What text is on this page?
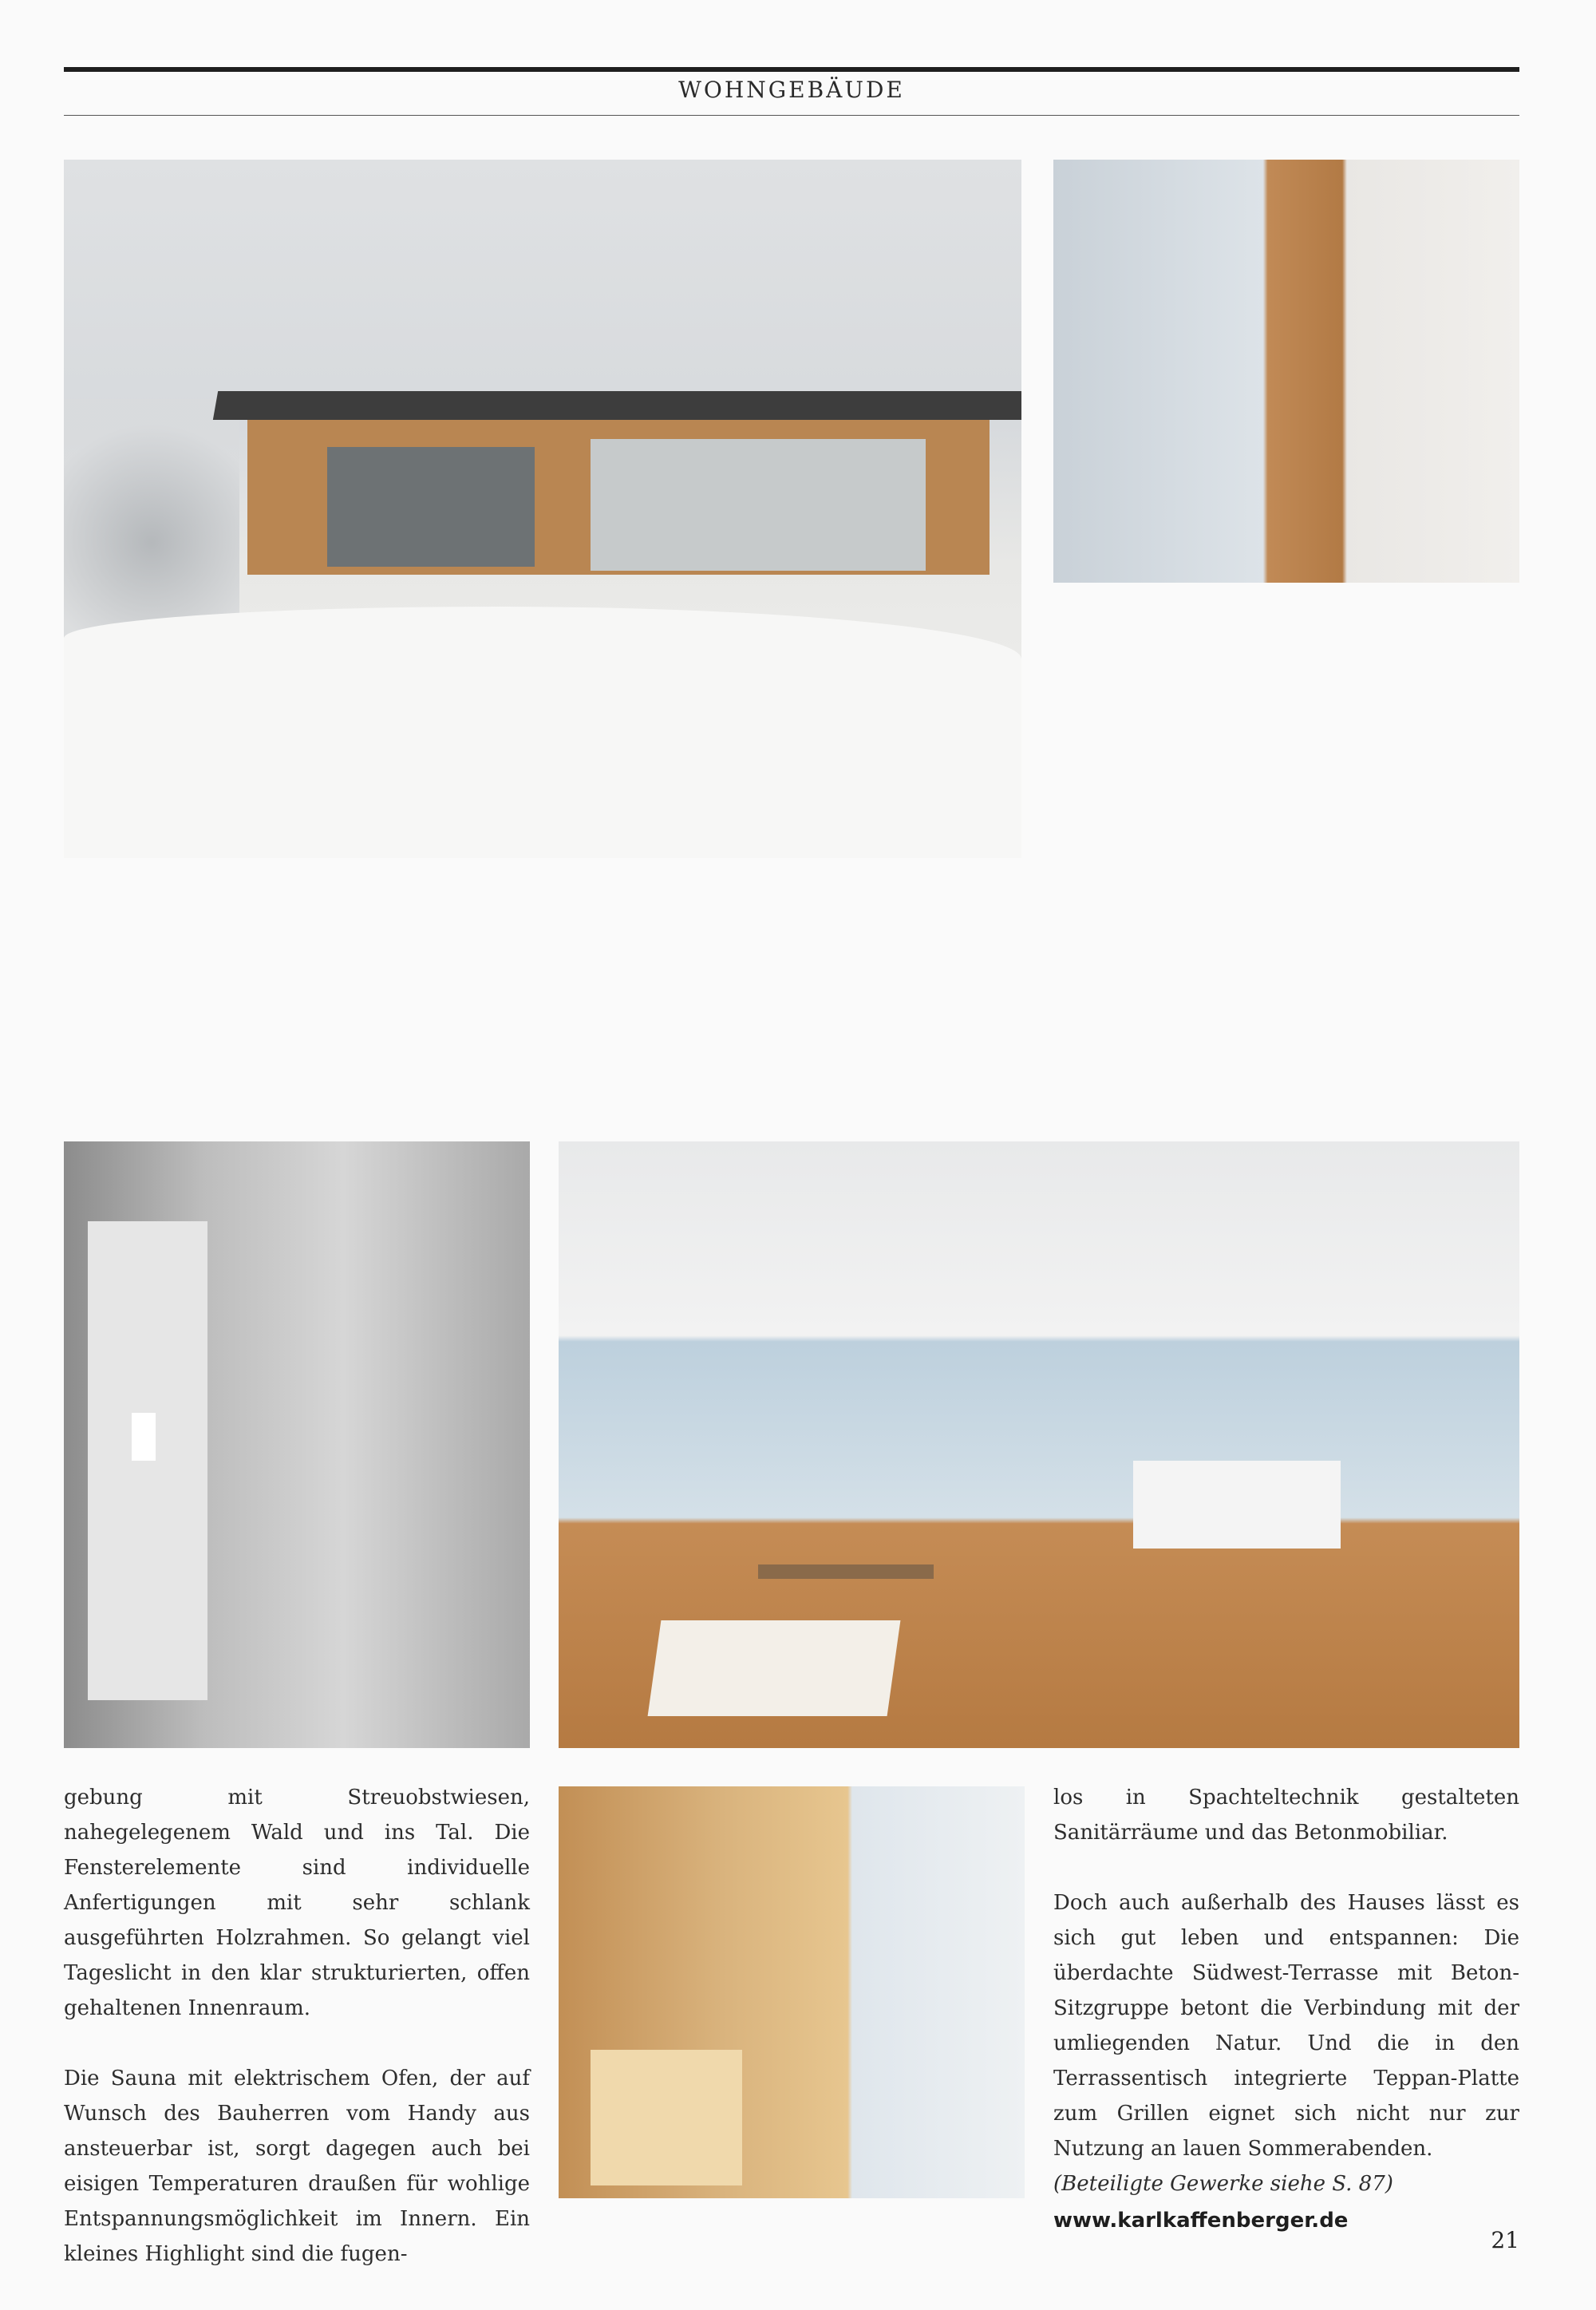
WOHNGEBÄUDE

gebung mit Streuobstwiesen, nahegelegenem Wald und ins Tal. Die Fensterelemente sind individuelle Anfertigungen mit sehr schlank ausgeführten Holzrahmen. So gelangt viel Tageslicht in den klar strukturierten, offen gehaltenen Innenraum.

Die Sauna mit elektrischem Ofen, der auf Wunsch des Bauherren vom Handy aus ansteuerbar ist, sorgt dagegen auch bei eisigen Temperaturen draußen für wohlige Entspannungsmöglichkeit im Innern. Ein kleines Highlight sind die fugen-

los in Spachteltechnik gestalteten Sanitärräume und das Betonmobiliar.

Doch auch außerhalb des Hauses lässt es sich gut leben und entspannen: Die überdachte Südwest-Terrasse mit Beton-Sitzgruppe betont die Verbindung mit der umliegenden Natur. Und die in den Terrassentisch integrierte Teppan-Platte zum Grillen eignet sich nicht nur zur Nutzung an lauen Sommerabenden.

(Beteiligte Gewerke siehe S. 87)

www.karlkaffenberger.de
21
